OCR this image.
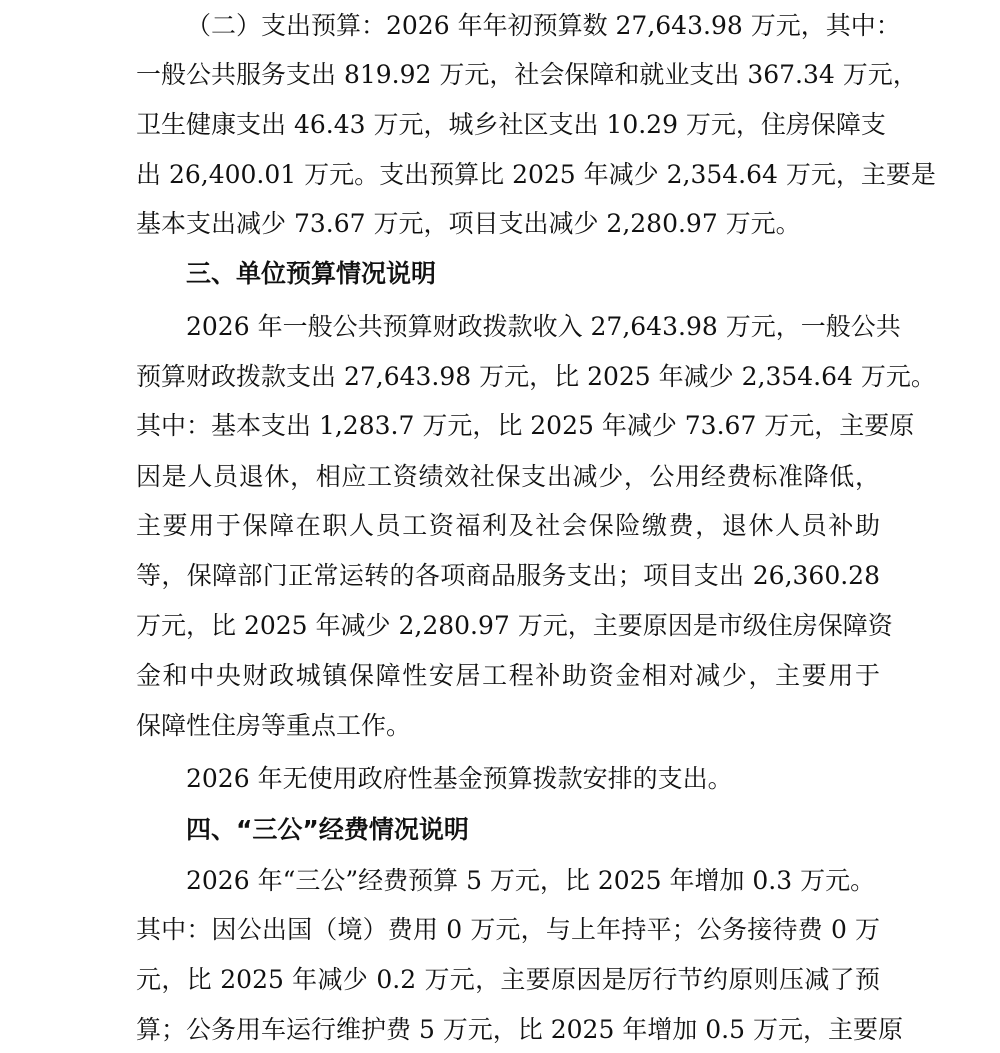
（二）支出预算：2026 年年初预算数 27,643.98 万元，其中：
一般公共服务支出 819.92 万元，社会保障和就业支出 367.34 万元，
卫生健康支出 46.43 万元，城乡社区支出 10.29 万元，住房保障支
出 26,400.01 万元。支出预算比 2025 年减少 2,354.64 万元，主要是
基本支出减少 73.67 万元，项目支出减少 2,280.97 万元。
三、单位预算情况说明
2026 年一般公共预算财政拨款收入 27,643.98 万元，一般公共
预算财政拨款支出 27,643.98 万元，比 2025 年减少 2,354.64 万元。
其中：基本支出 1,283.7 万元，比 2025 年减少 73.67 万元，主要原
因是人员退休，相应工资绩效社保支出减少，公用经费标准降低，
主要用于保障在职人员工资福利及社会保险缴费，退休人员补助
等，保障部门正常运转的各项商品服务支出；项目支出 26,360.28
万元，比 2025 年减少 2,280.97 万元，主要原因是市级住房保障资
金和中央财政城镇保障性安居工程补助资金相对减少，主要用于
保障性住房等重点工作。
2026 年无使用政府性基金预算拨款安排的支出。
四、“三公”经费情况说明
2026 年“三公”经费预算 5 万元，比 2025 年增加 0.3 万元。
其中：因公出国（境）费用 0 万元，与上年持平；公务接待费 0 万
元，比 2025 年减少 0.2 万元，主要原因是厉行节约原则压减了预
算；公务用车运行维护费 5 万元，比 2025 年增加 0.5 万元，主要原
